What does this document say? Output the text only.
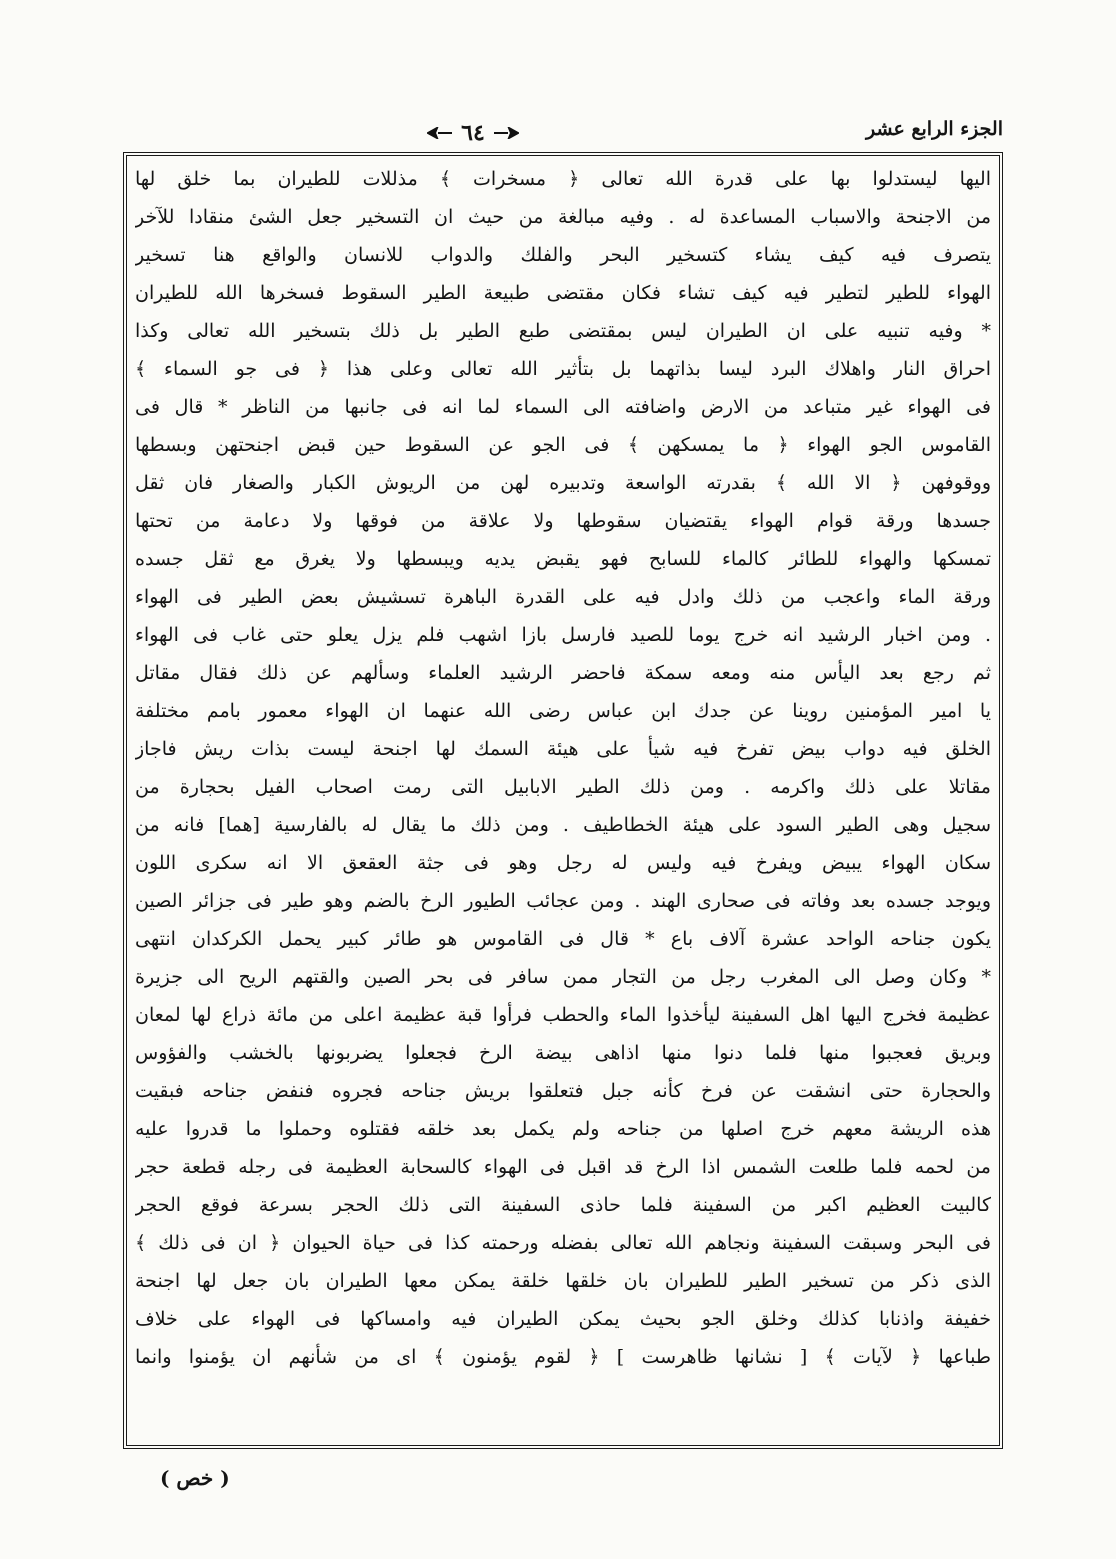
الجزء الرابع عشر
٦٤
اليها ليستدلوا بها على قدرة الله تعالى ﴿ مسخرات ﴾ مذللات للطيران بما خلق لها
من الاجنحة والاسباب المساعدة له . وفيه مبالغة من حيث ان التسخير جعل الشئ منقادا للآخر
يتصرف فيه كيف يشاء كتسخير البحر والفلك والدواب للانسان والواقع هنا تسخير
الهواء للطير لتطير فيه كيف تشاء فكان مقتضى طبيعة الطير السقوط فسخرها الله للطيران
* وفيه تنبيه على ان الطيران ليس بمقتضى طبع الطير بل ذلك بتسخير الله تعالى وكذا
احراق النار واهلاك البرد ليسا بذاتهما بل بتأثير الله تعالى وعلى هذا ﴿ فى جو السماء ﴾
فى الهواء غير متباعد من الارض واضافته الى السماء لما انه فى جانبها من الناظر * قال فى
القاموس الجو الهواء ﴿ ما يمسكهن ﴾ فى الجو عن السقوط حين قبض اجنحتهن وبسطها
ووقوفهن ﴿ الا الله ﴾ بقدرته الواسعة وتدبيره لهن من الريوش الكبار والصغار فان ثقل
جسدها ورقة قوام الهواء يقتضيان سقوطها ولا علاقة من فوقها ولا دعامة من تحتها
تمسكها والهواء للطائر كالماء للسابح فهو يقبض يديه ويبسطها ولا يغرق مع ثقل جسده
ورقة الماء واعجب من ذلك وادل فيه على القدرة الباهرة تسشيش بعض الطير فى الهواء
. ومن اخبار الرشيد انه خرج يوما للصيد فارسل بازا اشهب فلم يزل يعلو حتى غاب فى الهواء
ثم رجع بعد اليأس منه ومعه سمكة فاحضر الرشيد العلماء وسألهم عن ذلك فقال مقاتل
يا امير المؤمنين روينا عن جدك ابن عباس رضى الله عنهما ان الهواء معمور بامم مختلفة
الخلق فيه دواب بيض تفرخ فيه شيأ على هيئة السمك لها اجنحة ليست بذات ريش فاجاز
مقاتلا على ذلك واكرمه . ومن ذلك الطير الابابيل التى رمت اصحاب الفيل بحجارة من
سجيل وهى الطير السود على هيئة الخطاطيف . ومن ذلك ما يقال له بالفارسية [هما] فانه من
سكان الهواء يبيض ويفرخ فيه وليس له رجل وهو فى جثة العقعق الا انه سكرى اللون
ويوجد جسده بعد وفاته فى صحارى الهند . ومن عجائب الطيور الرخ بالضم وهو طير فى جزائر الصين
يكون جناحه الواحد عشرة آلاف باع * قال فى القاموس هو طائر كبير يحمل الكركدان انتهى
* وكان وصل الى المغرب رجل من التجار ممن سافر فى بحر الصين والقتهم الريح الى جزيرة
عظيمة فخرج اليها اهل السفينة ليأخذوا الماء والحطب فرأوا قبة عظيمة اعلى من مائة ذراع لها لمعان
وبريق فعجبوا منها فلما دنوا منها اذاهى بيضة الرخ فجعلوا يضربونها بالخشب والفؤوس
والحجارة حتى انشقت عن فرخ كأنه جبل فتعلقوا بريش جناحه فجروه فنفض جناحه فبقيت
هذه الريشة معهم خرج اصلها من جناحه ولم يكمل بعد خلقه فقتلوه وحملوا ما قدروا عليه
من لحمه فلما طلعت الشمس اذا الرخ قد اقبل فى الهواء كالسحابة العظيمة فى رجله قطعة حجر
كالبيت العظيم اكبر من السفينة فلما حاذى السفينة التى ذلك الحجر بسرعة فوقع الحجر
فى البحر وسبقت السفينة ونجاهم الله تعالى بفضله ورحمته كذا فى حياة الحيوان ﴿ ان فى ذلك ﴾
الذى ذكر من تسخير الطير للطيران بان خلقها خلقة يمكن معها الطيران بان جعل لها اجنحة
خفيفة واذنابا كذلك وخلق الجو بحيث يمكن الطيران فيه وامساكها فى الهواء على خلاف
طباعها ﴿ لآيات ﴾ [ نشانها ظاهرست ] ﴿ لقوم يؤمنون ﴾ اى من شأنهم ان يؤمنوا وانما
( خص )
